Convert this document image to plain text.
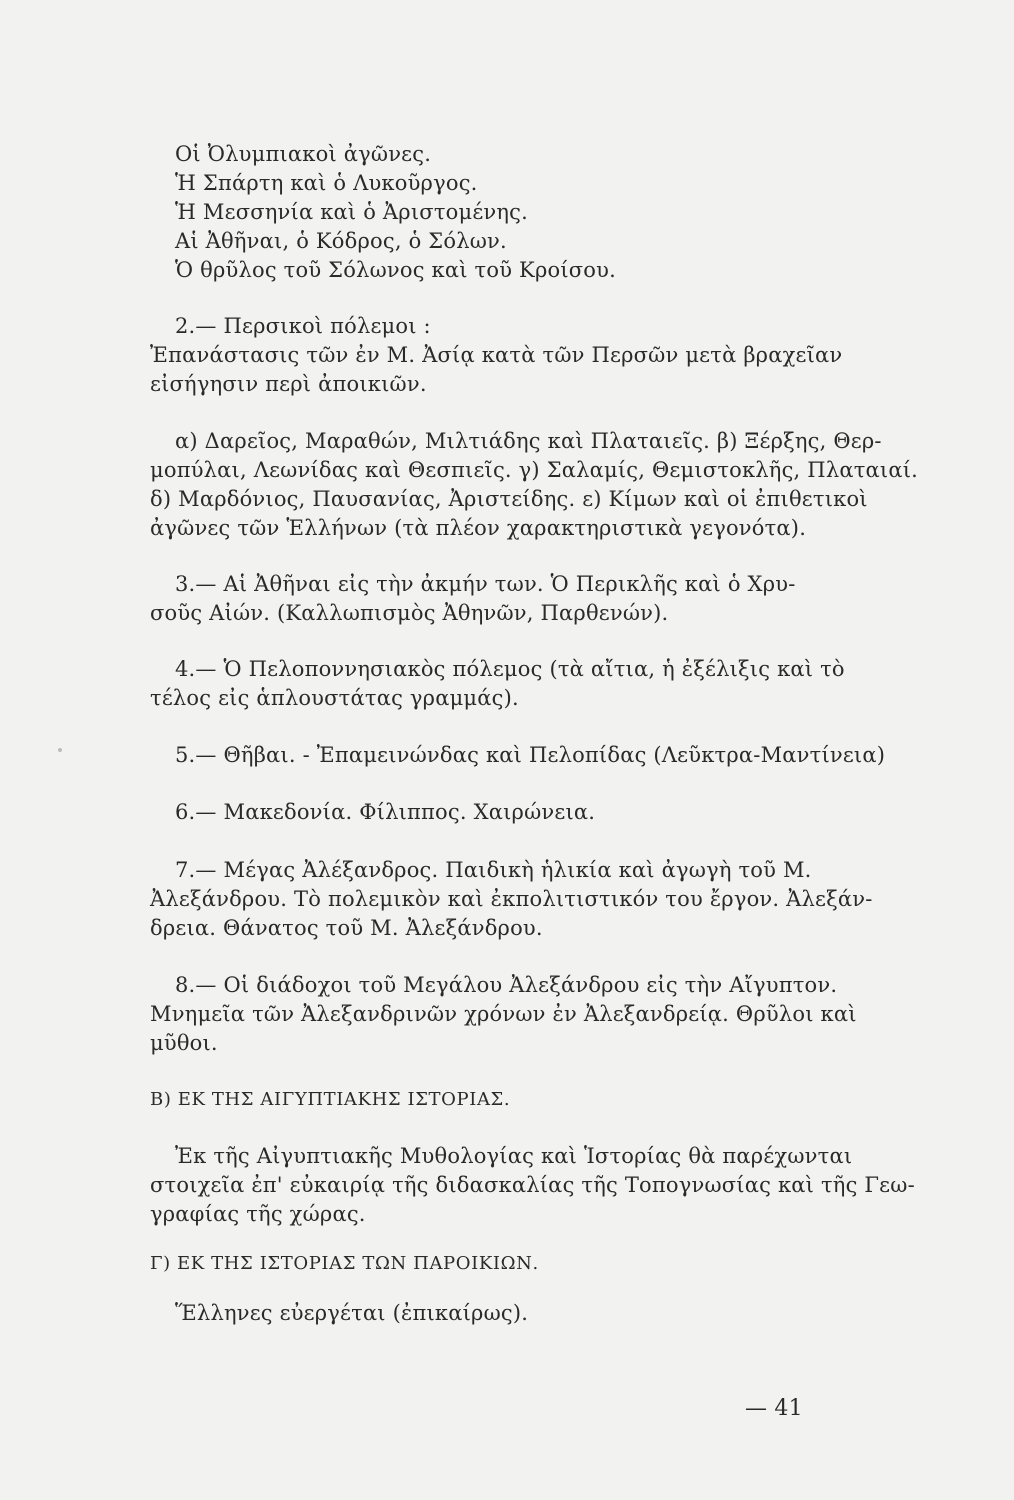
Οἱ Ὀλυμπιακοὶ ἀγῶνες.
Ἡ Σπάρτη καὶ ὁ Λυκοῦργος.
Ἡ Μεσσηνία καὶ ὁ Ἀριστομένης.
Αἱ Ἀθῆναι, ὁ Κόδρος, ὁ Σόλων.
Ὁ θρῦλος τοῦ Σόλωνος καὶ τοῦ Κροίσου.
2.— Περσικοὶ πόλεμοι :
Ἐπανάστασις τῶν ἐν Μ. Ἀσίᾳ κατὰ τῶν Περσῶν μετὰ βραχεῖαν
εἰσήγησιν περὶ ἀποικιῶν.
α) Δαρεῖος, Μαραθών, Μιλτιάδης καὶ Πλαταιεῖς. β) Ξέρξης, Θερ-
μοπύλαι, Λεωνίδας καὶ Θεσπιεῖς. γ) Σαλαμίς, Θεμιστοκλῆς, Πλαταιαί.
δ) Μαρδόνιος, Παυσανίας, Ἀριστείδης. ε) Κίμων καὶ οἱ ἐπιθετικοὶ
ἀγῶνες τῶν Ἑλλήνων (τὰ πλέον χαρακτηριστικὰ γεγονότα).
3.— Αἱ Ἀθῆναι εἰς τὴν ἀκμήν των. Ὁ Περικλῆς καὶ ὁ Χρυ-
σοῦς Αἰών. (Καλλωπισμὸς Ἀθηνῶν, Παρθενών).
4.— Ὁ Πελοποννησιακὸς πόλεμος (τὰ αἴτια, ἡ ἐξέλιξις καὶ τὸ
τέλος εἰς ἁπλουστάτας γραμμάς).
5.— Θῆβαι. - Ἐπαμεινώνδας καὶ Πελοπίδας (Λεῦκτρα-Μαντίνεια)
6.— Μακεδονία. Φίλιππος. Χαιρώνεια.
7.— Μέγας Ἀλέξανδρος. Παιδικὴ ἡλικία καὶ ἀγωγὴ τοῦ Μ.
Ἀλεξάνδρου. Τὸ πολεμικὸν καὶ ἐκπολιτιστικόν του ἔργον. Ἀλεξάν-
δρεια. Θάνατος τοῦ Μ. Ἀλεξάνδρου.
8.— Οἱ διάδοχοι τοῦ Μεγάλου Ἀλεξάνδρου εἰς τὴν Αἴγυπτον.
Μνημεῖα τῶν Ἀλεξανδρινῶν χρόνων ἐν Ἀλεξανδρείᾳ. Θρῦλοι καὶ
μῦθοι.
Β) ΕΚ ΤΗΣ ΑΙΓΥΠΤΙΑΚΗΣ ΙΣΤΟΡΙΑΣ.
Ἐκ τῆς Αἰγυπτιακῆς Μυθολογίας καὶ Ἱστορίας θὰ παρέχωνται
στοιχεῖα ἐπ' εὐκαιρίᾳ τῆς διδασκαλίας τῆς Τοπογνωσίας καὶ τῆς Γεω-
γραφίας τῆς χώρας.
Γ) ΕΚ ΤΗΣ ΙΣΤΟΡΙΑΣ ΤΩΝ ΠΑΡΟΙΚΙΩΝ.
Ἕλληνες εὐεργέται (ἐπικαίρως).
— 41
